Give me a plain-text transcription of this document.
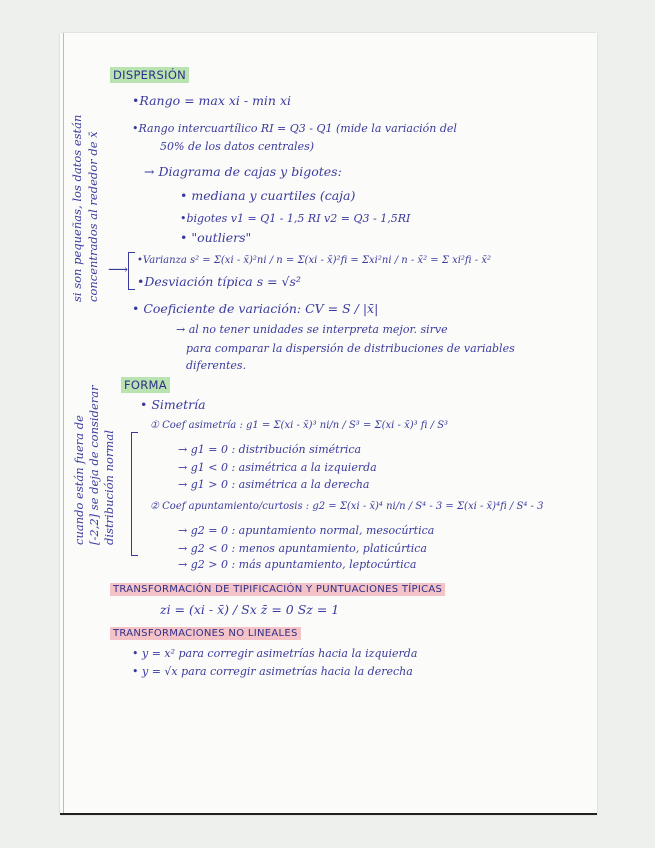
DISPERSIÓN
•Rango = max xi - min xi
•Rango intercuartílico RI = Q3 - Q1 (mide la variación del
50% de los datos centrales)
→ Diagrama de cajas y bigotes:
• mediana y cuartiles (caja)
•bigotes v1 = Q1 - 1,5 RI v2 = Q3 - 1,5RI
• "outliers"
si son pequeñas, los datos están concentrados al rededor de x̄ ⟶
•Varianza s² = Σ(xi - x̄)²ni / n = Σ(xi - x̄)²fi = Σxi²ni / n - x̄² = Σ xi²fi - x̄²
•Desviación típica s = √s²
• Coeficiente de variación: CV = S / |x̄|
→ al no tener unidades se interpreta mejor. sirve
para comparar la dispersión de distribuciones de variables
diferentes.
FORMA
• Simetría
cuando están fuera de [-2,2] se deja de considerar distribución normal
① Coef asimetría : g1 = Σ(xi - x̄)³ ni/n / S³ = Σ(xi - x̄)³ fi / S³
→ g1 = 0 : distribución simétrica
→ g1 < 0 : asimétrica a la izquierda
→ g1 > 0 : asimétrica a la derecha
② Coef apuntamiento/curtosis : g2 = Σ(xi - x̄)⁴ ni/n / S⁴ - 3 = Σ(xi - x̄)⁴fi / S⁴ - 3
→ g2 = 0 : apuntamiento normal, mesocúrtica
→ g2 < 0 : menos apuntamiento, platicúrtica
→ g2 > 0 : más apuntamiento, leptocúrtica
TRANSFORMACIÓN DE TIPIFICACIÓN Y PUNTUACIONES TÍPICAS
zi = (xi - x̄) / Sx z̄ = 0 Sz = 1
TRANSFORMACIONES NO LINEALES
• y = x² para corregir asimetrías hacia la izquierda
• y = √x para corregir asimetrías hacia la derecha
